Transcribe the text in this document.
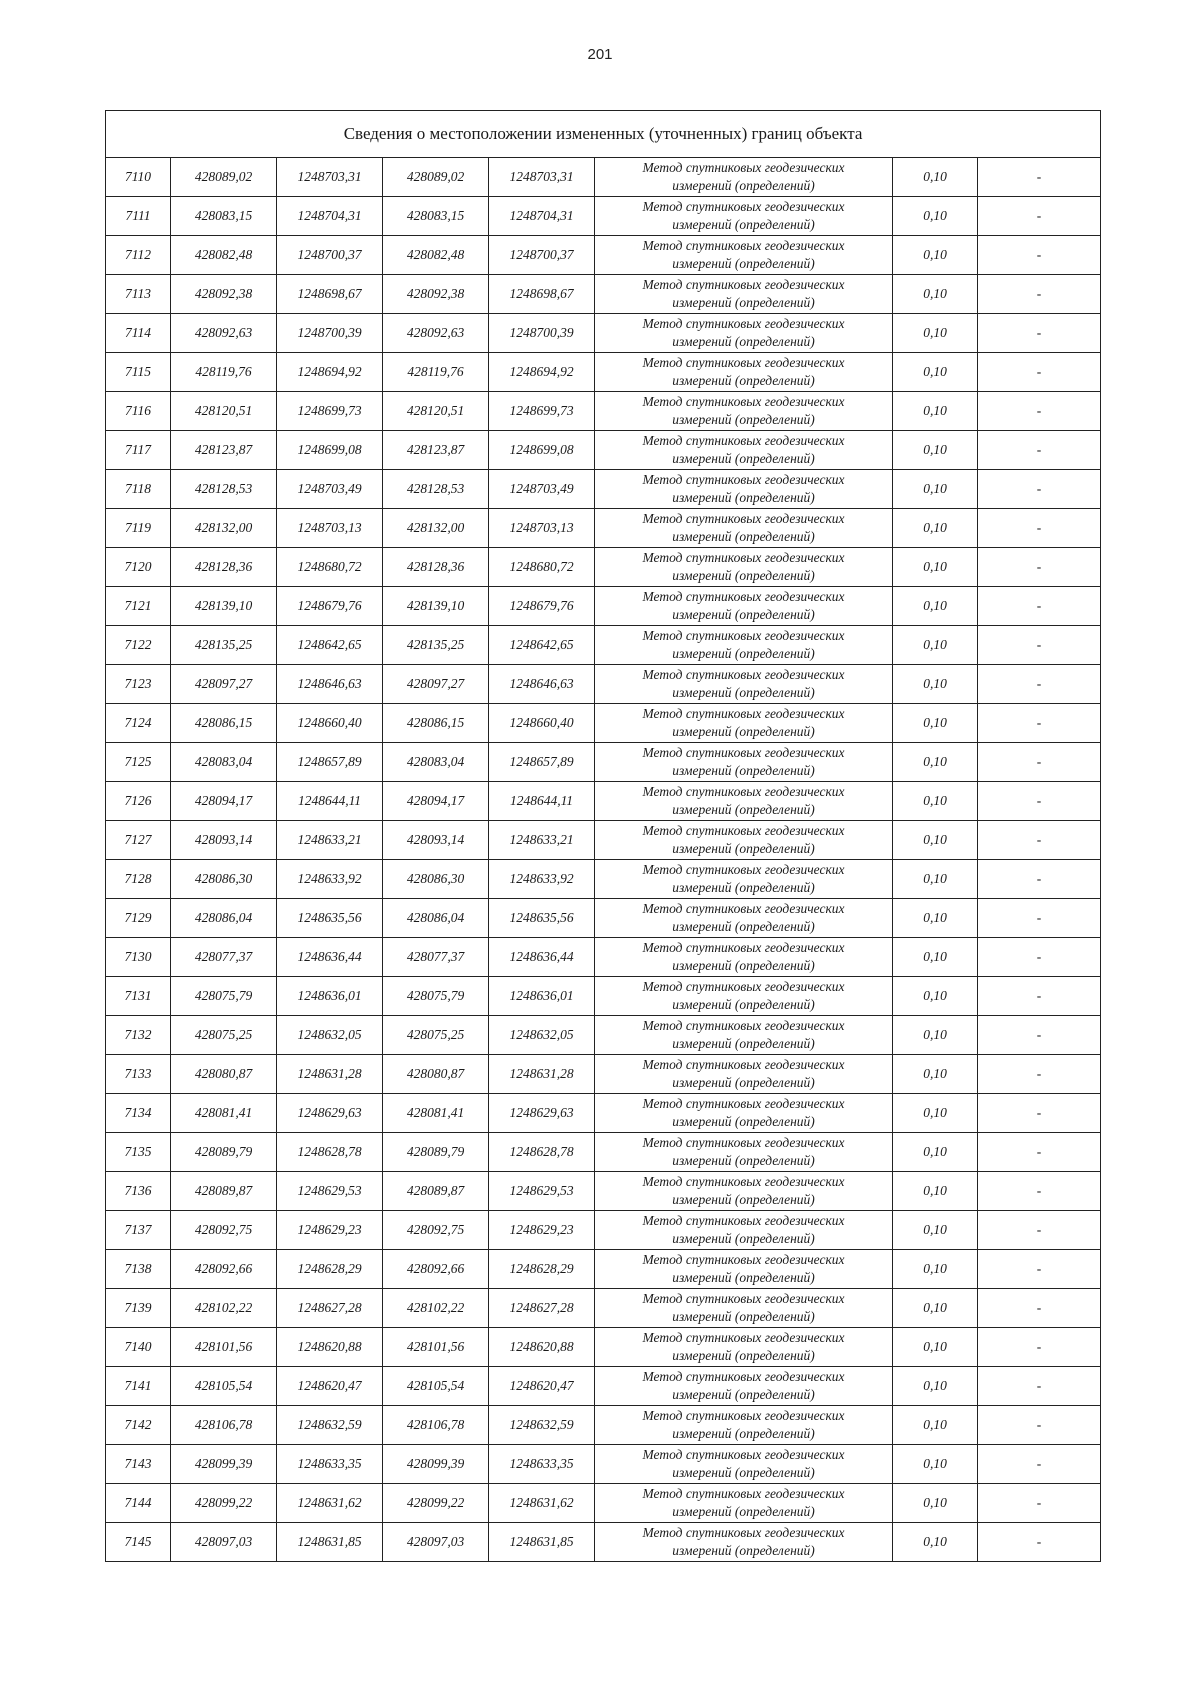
201
Сведения о местоположении измененных (уточненных) границ объекта							
7110	428089,02	1248703,31	428089,02	1248703,31	Метод спутниковых геодезических
измерений (определений)	0,10	-
7111	428083,15	1248704,31	428083,15	1248704,31	Метод спутниковых геодезических
измерений (определений)	0,10	-
7112	428082,48	1248700,37	428082,48	1248700,37	Метод спутниковых геодезических
измерений (определений)	0,10	-
7113	428092,38	1248698,67	428092,38	1248698,67	Метод спутниковых геодезических
измерений (определений)	0,10	-
7114	428092,63	1248700,39	428092,63	1248700,39	Метод спутниковых геодезических
измерений (определений)	0,10	-
7115	428119,76	1248694,92	428119,76	1248694,92	Метод спутниковых геодезических
измерений (определений)	0,10	-
7116	428120,51	1248699,73	428120,51	1248699,73	Метод спутниковых геодезических
измерений (определений)	0,10	-
7117	428123,87	1248699,08	428123,87	1248699,08	Метод спутниковых геодезических
измерений (определений)	0,10	-
7118	428128,53	1248703,49	428128,53	1248703,49	Метод спутниковых геодезических
измерений (определений)	0,10	-
7119	428132,00	1248703,13	428132,00	1248703,13	Метод спутниковых геодезических
измерений (определений)	0,10	-
7120	428128,36	1248680,72	428128,36	1248680,72	Метод спутниковых геодезических
измерений (определений)	0,10	-
7121	428139,10	1248679,76	428139,10	1248679,76	Метод спутниковых геодезических
измерений (определений)	0,10	-
7122	428135,25	1248642,65	428135,25	1248642,65	Метод спутниковых геодезических
измерений (определений)	0,10	-
7123	428097,27	1248646,63	428097,27	1248646,63	Метод спутниковых геодезических
измерений (определений)	0,10	-
7124	428086,15	1248660,40	428086,15	1248660,40	Метод спутниковых геодезических
измерений (определений)	0,10	-
7125	428083,04	1248657,89	428083,04	1248657,89	Метод спутниковых геодезических
измерений (определений)	0,10	-
7126	428094,17	1248644,11	428094,17	1248644,11	Метод спутниковых геодезических
измерений (определений)	0,10	-
7127	428093,14	1248633,21	428093,14	1248633,21	Метод спутниковых геодезических
измерений (определений)	0,10	-
7128	428086,30	1248633,92	428086,30	1248633,92	Метод спутниковых геодезических
измерений (определений)	0,10	-
7129	428086,04	1248635,56	428086,04	1248635,56	Метод спутниковых геодезических
измерений (определений)	0,10	-
7130	428077,37	1248636,44	428077,37	1248636,44	Метод спутниковых геодезических
измерений (определений)	0,10	-
7131	428075,79	1248636,01	428075,79	1248636,01	Метод спутниковых геодезических
измерений (определений)	0,10	-
7132	428075,25	1248632,05	428075,25	1248632,05	Метод спутниковых геодезических
измерений (определений)	0,10	-
7133	428080,87	1248631,28	428080,87	1248631,28	Метод спутниковых геодезических
измерений (определений)	0,10	-
7134	428081,41	1248629,63	428081,41	1248629,63	Метод спутниковых геодезических
измерений (определений)	0,10	-
7135	428089,79	1248628,78	428089,79	1248628,78	Метод спутниковых геодезических
измерений (определений)	0,10	-
7136	428089,87	1248629,53	428089,87	1248629,53	Метод спутниковых геодезических
измерений (определений)	0,10	-
7137	428092,75	1248629,23	428092,75	1248629,23	Метод спутниковых геодезических
измерений (определений)	0,10	-
7138	428092,66	1248628,29	428092,66	1248628,29	Метод спутниковых геодезических
измерений (определений)	0,10	-
7139	428102,22	1248627,28	428102,22	1248627,28	Метод спутниковых геодезических
измерений (определений)	0,10	-
7140	428101,56	1248620,88	428101,56	1248620,88	Метод спутниковых геодезических
измерений (определений)	0,10	-
7141	428105,54	1248620,47	428105,54	1248620,47	Метод спутниковых геодезических
измерений (определений)	0,10	-
7142	428106,78	1248632,59	428106,78	1248632,59	Метод спутниковых геодезических
измерений (определений)	0,10	-
7143	428099,39	1248633,35	428099,39	1248633,35	Метод спутниковых геодезических
измерений (определений)	0,10	-
7144	428099,22	1248631,62	428099,22	1248631,62	Метод спутниковых геодезических
измерений (определений)	0,10	-
7145	428097,03	1248631,85	428097,03	1248631,85	Метод спутниковых геодезических
измерений (определений)	0,10	-
